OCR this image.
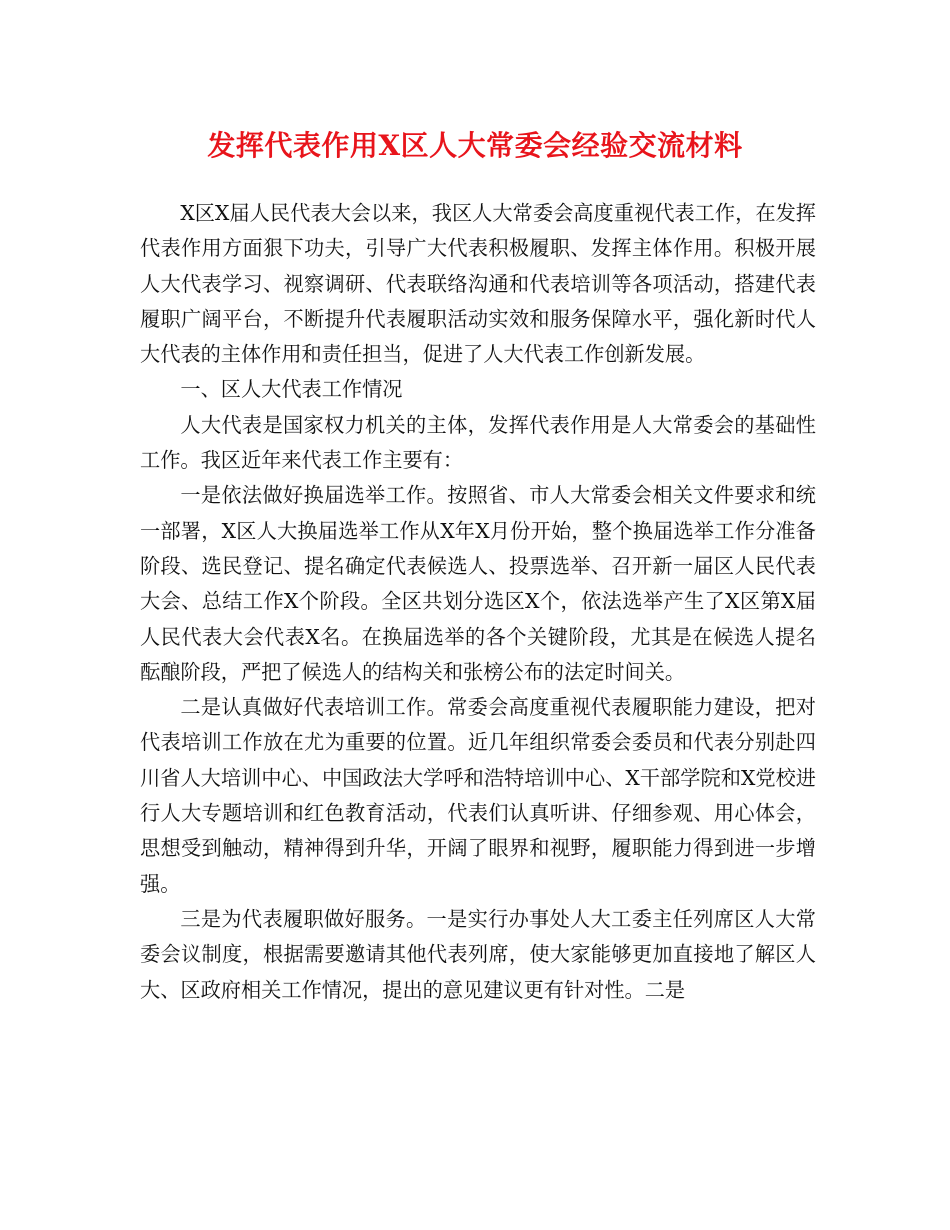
发挥代表作用X区人大常委会经验交流材料

X区X届人民代表大会以来，我区人大常委会高度重视代表工作，在发挥代表作用方面狠下功夫，引导广大代表积极履职、发挥主体作用。积极开展人大代表学习、视察调研、代表联络沟通和代表培训等各项活动，搭建代表履职广阔平台，不断提升代表履职活动实效和服务保障水平，强化新时代人大代表的主体作用和责任担当，促进了人大代表工作创新发展。

一、区人大代表工作情况

人大代表是国家权力机关的主体，发挥代表作用是人大常委会的基础性工作。我区近年来代表工作主要有：

一是依法做好换届选举工作。按照省、市人大常委会相关文件要求和统一部署，X区人大换届选举工作从X年X月份开始，整个换届选举工作分准备阶段、选民登记、提名确定代表候选人、投票选举、召开新一届区人民代表大会、总结工作X个阶段。全区共划分选区X个，依法选举产生了X区第X届人民代表大会代表X名。在换届选举的各个关键阶段，尤其是在候选人提名酝酿阶段，严把了候选人的结构关和张榜公布的法定时间关。

二是认真做好代表培训工作。常委会高度重视代表履职能力建设，把对代表培训工作放在尤为重要的位置。近几年组织常委会委员和代表分别赴四川省人大培训中心、中国政法大学呼和浩特培训中心、X干部学院和X党校进行人大专题培训和红色教育活动，代表们认真听讲、仔细参观、用心体会，思想受到触动，精神得到升华，开阔了眼界和视野，履职能力得到进一步增强。

三是为代表履职做好服务。一是实行办事处人大工委主任列席区人大常委会议制度，根据需要邀请其他代表列席，使大家能够更加直接地了解区人大、区政府相关工作情况，提出的意见建议更有针对性。二是
